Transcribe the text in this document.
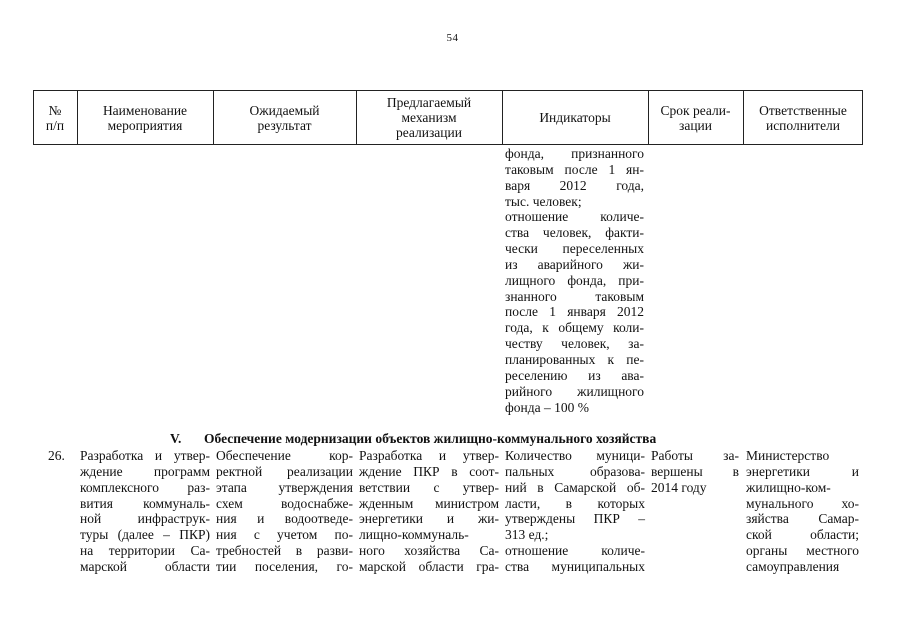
54
№
п/п
Наименование
мероприятия
Ожидаемый
результат
Предлагаемый
механизм
реализации
Индикаторы	Срок реали-
зации
Ответственные
исполнители
фонда, признанного
таковым после 1 ян-
варя 2012 года,
тыс. человек;
отношение количе-
ства человек, факти-
чески переселенных
из аварийного жи-
лищного фонда, при-
знанного таковым
после 1 января 2012
года, к общему коли-
честву человек, за-
планированных к пе-
реселению из ава-
рийного жилищного
фонда – 100 %
V. Обеспечение модернизации объектов жилищно-коммунального хозяйства
26. Разработка и утвер-
ждение программ
комплексного раз-
вития коммуналь-
ной инфраструк-
туры (далее – ПКР)
на территории Са-
марской области
Обеспечение кор-
ректной реализации
этапа утверждения
схем водоснабже-
ния и водоотведе-
ния с учетом по-
требностей в разви-
тии поселения, го-
Разработка и утвер-
ждение ПКР в соот-
ветствии с утвер-
жденным министром
энергетики и жи-
лищно-коммуналь-
ного хозяйства Са-
марской области гра-
Количество муници-
пальных образова-
ний в Самарской об-
ласти, в которых
утверждены ПКР –
313 ед.;
отношение количе-
ства муниципальных
Работы за-
вершены в
2014 году
Министерство
энергетики и
жилищно-ком-
мунального хо-
зяйства Самар-
ской области;
органы местного
самоуправления
